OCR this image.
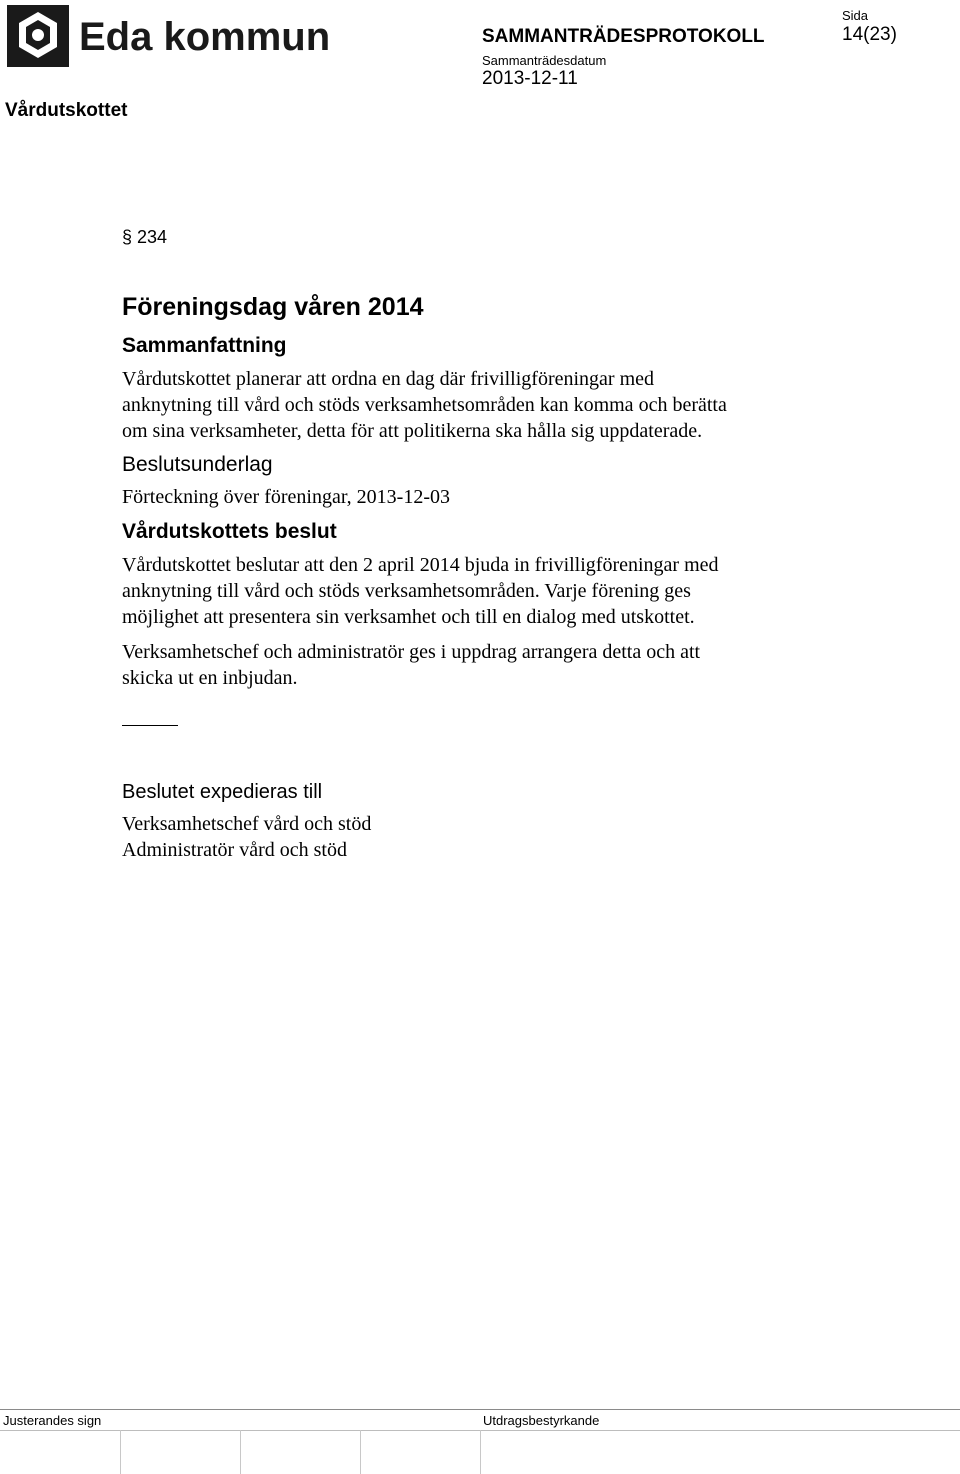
Eda kommun	SAMMANTRÄDESPROTOKOLL
Sammanträdesdatum
2013-12-11
Sida
14(23)
Vårdutskottet
§ 234
Föreningsdag våren 2014
Sammanfattning
Vårdutskottet planerar att ordna en dag där frivilligföreningar med
anknytning till vård och stöds verksamhetsområden kan komma och berätta
om sina verksamheter, detta för att politikerna ska hålla sig uppdaterade.
Beslutsunderlag
Förteckning över föreningar, 2013-12-03
Vårdutskottets beslut
Vårdutskottet beslutar att den 2 april 2014 bjuda in frivilligföreningar med
anknytning till vård och stöds verksamhetsområden. Varje förening ges
möjlighet att presentera sin verksamhet och till en dialog med utskottet.
Verksamhetschef och administratör ges i uppdrag arrangera detta och att
skicka ut en inbjudan.
Beslutet expedieras till
Verksamhetschef vård och stöd
Administratör vård och stöd
Justerandes sign	Utdragsbestyrkande
